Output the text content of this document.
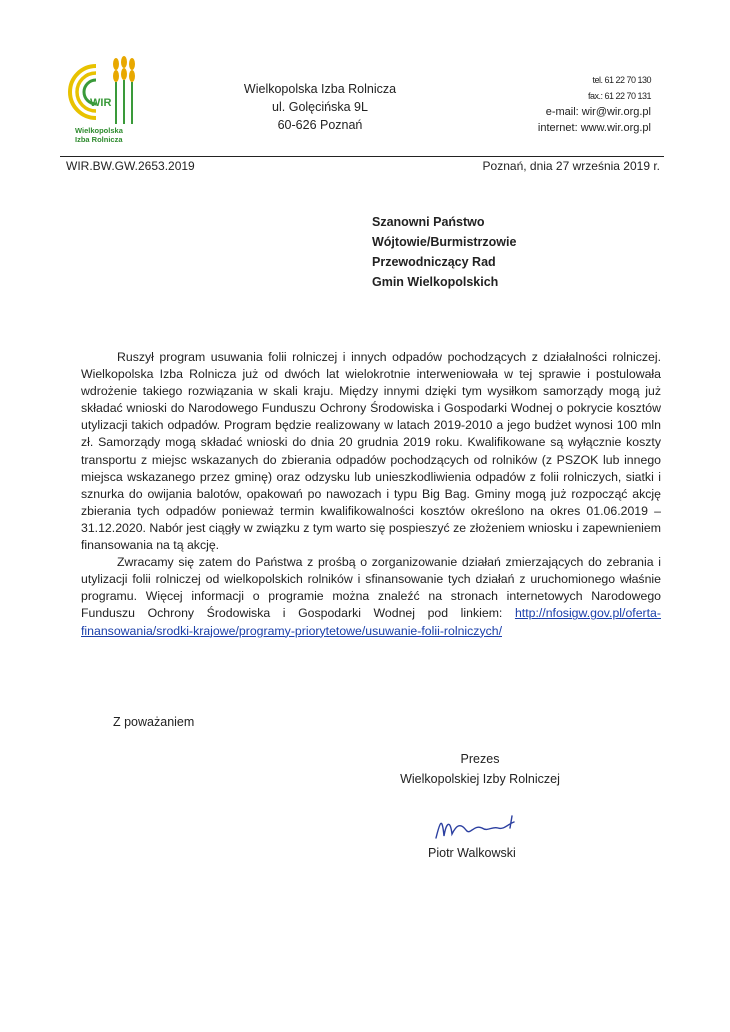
WIR
Wielkopolska
Izba Rolnicza
Wielkopolska Izba Rolnicza
ul. Golęcińska 9L
60-626 Poznań
tel. 61 22 70 130
fax.: 61 22 70 131
e-mail: wir@wir.org.pl
internet: www.wir.org.pl
WIR.BW.GW.2653.2019	Poznań, dnia 27 września 2019 r.
Szanowni Państwo
Wójtowie/Burmistrzowie
Przewodniczący Rad
Gmin Wielkopolskich

Ruszył program usuwania folii rolniczej i innych odpadów pochodzących z działalności rolniczej. Wielkopolska Izba Rolnicza już od dwóch lat wielokrotnie interweniowała w tej sprawie i postulowała wdrożenie takiego rozwiązania w skali kraju. Między innymi dzięki tym wysiłkom samorządy mogą już składać wnioski do Narodowego Funduszu Ochrony Środowiska i Gospodarki Wodnej o pokrycie kosztów utylizacji takich odpadów. Program będzie realizowany w latach 2019-2010 a jego budżet wynosi 100 mln zł. Samorządy mogą składać wnioski do dnia 20 grudnia 2019 roku. Kwalifikowane są wyłącznie koszty transportu z miejsc wskazanych do zbierania odpadów pochodzących od rolników (z PSZOK lub innego miejsca wskazanego przez gminę) oraz odzysku lub unieszkodliwienia odpadów z folii rolniczych, siatki i sznurka do owijania balotów, opakowań po nawozach i typu Big Bag. Gminy mogą już rozpocząć akcję zbierania tych odpadów ponieważ termin kwalifikowalności kosztów określono na okres 01.06.2019 – 31.12.2020. Nabór jest ciągły w związku z tym warto się pospieszyć ze złożeniem wniosku i zapewnieniem finansowania na tą akcję.

Zwracamy się zatem do Państwa z prośbą o zorganizowanie działań zmierzających do zebrania i utylizacji folii rolniczej od wielkopolskich rolników i sfinansowanie tych działań z uruchomionego właśnie programu. Więcej informacji o programie można znaleźć na stronach internetowych Narodowego Funduszu Ochrony Środowiska i Gospodarki Wodnej pod linkiem: http://nfosigw.gov.pl/oferta-finansowania/srodki-krajowe/programy-priorytetowe/usuwanie-folii-rolniczych/

Z poważaniem
Prezes
Wielkopolskiej Izby Rolniczej
Piotr Walkowski
